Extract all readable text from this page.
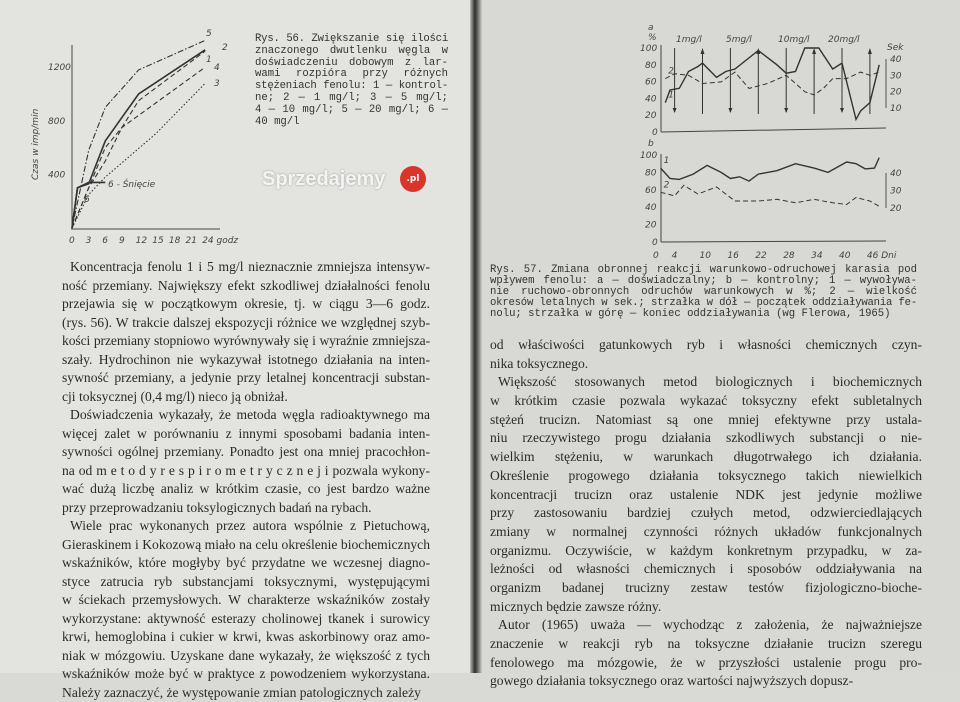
400
800
1200
0 3 6 9 12 15 18 21 24 godz
Czas w imp/min
1
2
3
4
5
6
6 - Śnięcie
a
0
20
40
60
80
100
10
20
30
40
1
2
b
0
20
40
60
80
100
20
30
40
1
2
%
Sek
1mg/l	5mg/l	10mg/l 20mg/l
0 4 10 16 22 28 34 40 46 Dni
Rys. 56. Zwiększanie się ilości
znaczonego dwutlenku węgla w
doświadczeniu dobowym z lar-
wami rozpióra przy różnych
stężeniach fenolu: 1 — kontrol-
ne; 2 — 1 mg/l; 3 — 5 mg/l;
4 — 10 mg/l; 5 — 20 mg/l; 6 —
40 mg/l
Rys. 57. Zmiana obronnej reakcji warunkowo-odruchowej karasia pod
wpływem fenolu: a — doświadczalny; b — kontrolny; 1 — wywoływa-
nie ruchowo-obronnych odruchów warunkowych w %; 2 — wielkość
okresów letalnych w sek.; strzałka w dół — początek oddziaływania fe-
nolu; strzałka w górę — koniec oddziaływania (wg Flerowa, 1965)
Koncentracja fenolu 1 i 5 mg/l nieznacznie zmniejsza intensyw-
ność przemiany. Największy efekt szkodliwej działalności fenolu
przejawia się w początkowym okresie, tj. w ciągu 3—6 godz.
(rys. 56). W trakcie dalszej ekspozycji różnice we względnej szyb-
kości przemiany stopniowo wyrównywały się i wyraźnie zmniejsza-
szały. Hydrochinon nie wykazywał istotnego działania na inten-
sywność przemiany, a jedynie przy letalnej koncentracji substan-
cji toksycznej (0,4 mg/l) nieco ją obniżał.
Doświadczenia wykazały, że metoda węgla radioaktywnego ma
więcej zalet w porównaniu z innymi sposobami badania inten-
sywności ogólnej przemiany. Ponadto jest ona mniej pracochłon-
na od m e t o d y r e s p i r o m e t r y c z n e j i pozwala wykony-
wać dużą liczbę analiz w krótkim czasie, co jest bardzo ważne
przy przeprowadzaniu toksylogicznych badań na rybach.
Wiele prac wykonanych przez autora wspólnie z Pietuchową,
Gieraskinem i Kokozową miało na celu określenie biochemicznych
wskaźników, które mogłyby być przydatne we wczesnej diagno-
styce zatrucia ryb substancjami toksycznymi, występującymi
w ściekach przemysłowych. W charakterze wskaźników zostały
wykorzystane: aktywność esterazy cholinowej tkanek i surowicy
krwi, hemoglobina i cukier w krwi, kwas askorbinowy oraz amo-
niak w mózgowiu. Uzyskane dane wykazały, że większość z tych
wskaźników może być w praktyce z powodzeniem wykorzystana.
Należy zaznaczyć, że występowanie zmian patologicznych zależy
od właściwości gatunkowych ryb i własności chemicznych czyn-
nika toksycznego.
Większość stosowanych metod biologicznych i biochemicznych
w krótkim czasie pozwala wykazać toksyczny efekt subletalnych
stężeń trucizn. Natomiast są one mniej efektywne przy ustala-
niu rzeczywistego progu działania szkodliwych substancji o nie-
wielkim stężeniu, w warunkach długotrwałego ich działania.
Określenie progowego działania toksycznego takich niewielkich
koncentracji trucizn oraz ustalenie NDK jest jedynie możliwe
przy zastosowaniu bardziej czułych metod, odzwierciedlających
zmiany w normalnej czynności różnych układów funkcjonalnych
organizmu. Oczywiście, w każdym konkretnym przypadku, w za-
leżności od własności chemicznych i sposobów oddziaływania na
organizm badanej trucizny zestaw testów fizjologiczno-bioche-
micznych będzie zawsze różny.
Autor (1965) uważa — wychodząc z założenia, że najważniejsze
znaczenie w reakcji ryb na toksyczne działanie trucizn szeregu
fenolowego ma mózgowie, że w przyszłości ustalenie progu pro-
gowego działania toksycznego oraz wartości najwyższych dopusz-
Sprzedajemy	.pl
